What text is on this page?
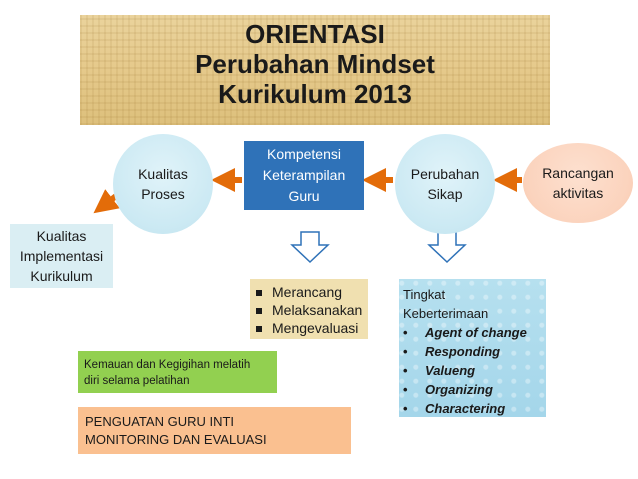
ORIENTASI
Perubahan Mindset
Kurikulum 2013
Kualitas
Proses
Kompetensi
Keterampilan
Guru
Perubahan
Sikap
Rancangan
aktivitas
Kualitas
Implementasi
Kurikulum
Merancang
Melaksanakan
Mengevaluasi
Tingkat
Keberterimaan
• Agent of change
• Responding
• Valueng
• Organizing
• Charactering
Kemauan dan Kegigihan melatih
diri selama pelatihan
PENGUATAN GURU INTI
MONITORING DAN EVALUASI
